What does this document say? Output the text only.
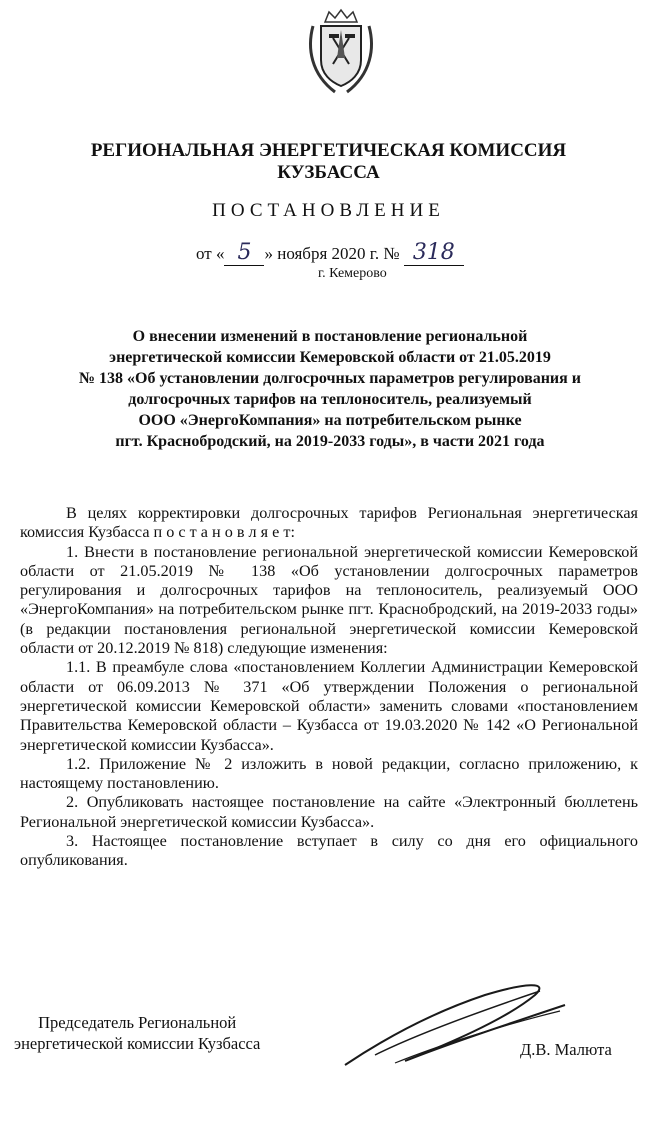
РЕГИОНАЛЬНАЯ ЭНЕРГЕТИЧЕСКАЯ КОМИССИЯ
КУЗБАССА
ПОСТАНОВЛЕНИЕ
от « 5 » ноября 2020 г. № 318
г. Кемерово
О внесении изменений в постановление региональной
энергетической комиссии Кемеровской области от 21.05.2019
№ 138 «Об установлении долгосрочных параметров регулирования и
долгосрочных тарифов на теплоноситель, реализуемый
ООО «ЭнергоКомпания» на потребительском рынке
пгт. Краснобродский, на 2019-2033 годы», в части 2021 года

В целях корректировки долгосрочных тарифов Региональная энергетическая комиссия Кузбасса п о с т а н о в л я е т:

1. Внести в постановление региональной энергетической комиссии Кемеровской области от 21.05.2019 № 138 «Об установлении долгосрочных параметров регулирования и долгосрочных тарифов на теплоноситель, реализуемый ООО «ЭнергоКомпания» на потребительском рынке пгт. Краснобродский, на 2019-2033 годы» (в редакции постановления региональной энергетической комиссии Кемеровской области от 20.12.2019 № 818) следующие изменения:

1.1. В преамбуле слова «постановлением Коллегии Администрации Кемеровской области от 06.09.2013 № 371 «Об утверждении Положения о региональной энергетической комиссии Кемеровской области» заменить словами «постановлением Правительства Кемеровской области – Кузбасса от 19.03.2020 № 142 «О Региональной энергетической комиссии Кузбасса».

1.2. Приложение № 2 изложить в новой редакции, согласно приложению, к настоящему постановлению.

2. Опубликовать настоящее постановление на сайте «Электронный бюллетень Региональной энергетической комиссии Кузбасса».

3. Настоящее постановление вступает в силу со дня его официального опубликования.

Председатель Региональной
энергетической комиссии Кузбасса	Д.В. Малюта
